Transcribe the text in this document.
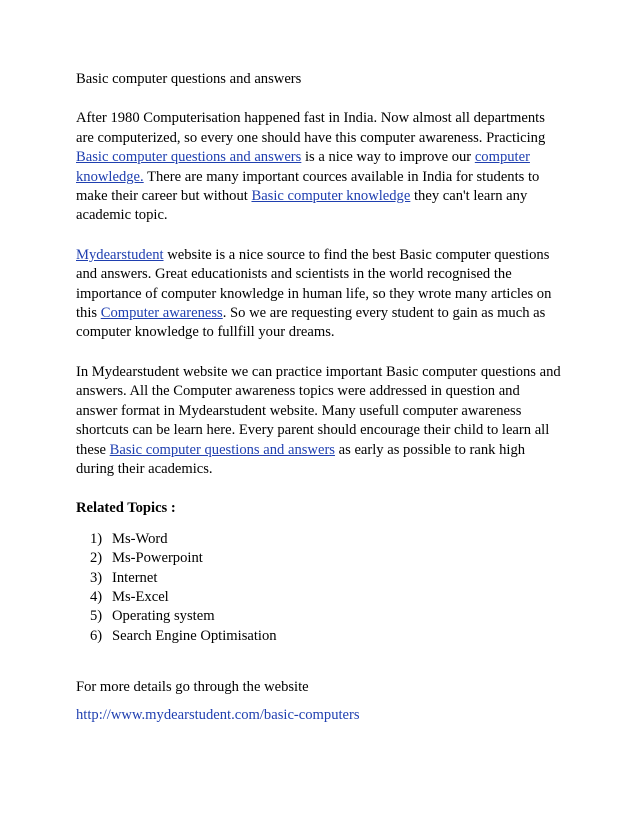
Basic computer questions and answers

After 1980 Computerisation happened fast in India. Now almost all departments
are computerized, so every one should have this computer awareness. Practicing
Basic computer questions and answers is a nice way to improve our computer
knowledge. There are many important cources available in India for students to
make their career but without Basic computer knowledge they can't learn any
academic topic.
Mydearstudent website is a nice source to find the best Basic computer questions
and answers. Great educationists and scientists in the world recognised the
importance of computer knowledge in human life, so they wrote many articles on
this Computer awareness. So we are requesting every student to gain as much as
computer knowledge to fullfill your dreams.
In Mydearstudent website we can practice important Basic computer questions and
answers. All the Computer awareness topics were addressed in question and
answer format in Mydearstudent website. Many usefull computer awareness
shortcuts can be learn here. Every parent should encourage their child to learn all
these Basic computer questions and answers as early as possible to rank high
during their academics.

Related Topics :

1) Ms-Word
2) Ms-Powerpoint
3) Internet
4) Ms-Excel
5) Operating system
6) Search Engine Optimisation

For more details go through the website

http://www.mydearstudent.com/basic-computers
